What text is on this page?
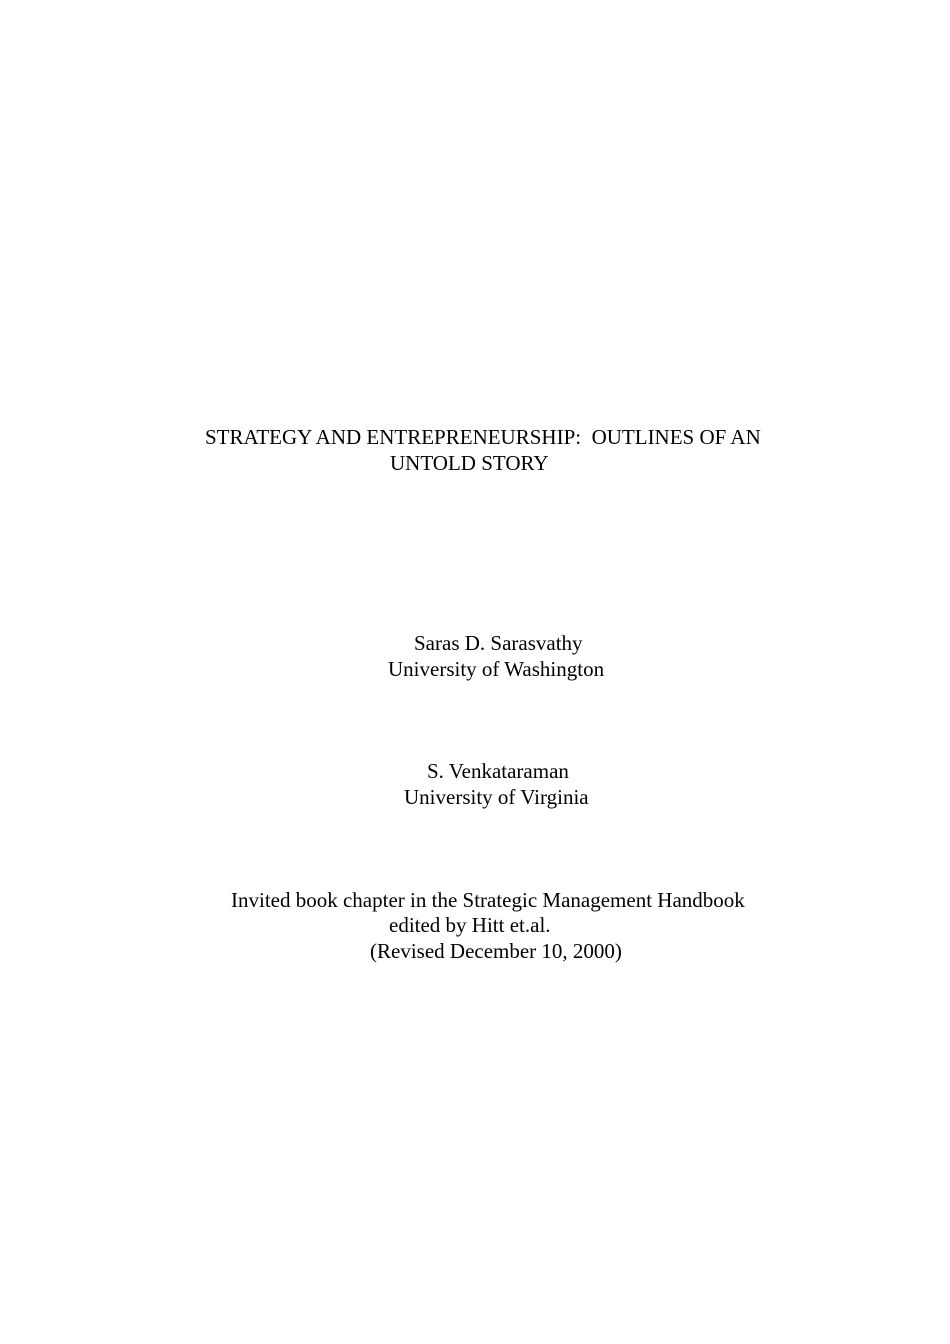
STRATEGY AND ENTREPRENEURSHIP:  OUTLINES OF AN
UNTOLD STORY
Saras D. Sarasvathy
University of Washington
S. Venkataraman
University of Virginia
Invited book chapter in the Strategic Management Handbook
edited by Hitt et.al.
(Revised December 10, 2000)
